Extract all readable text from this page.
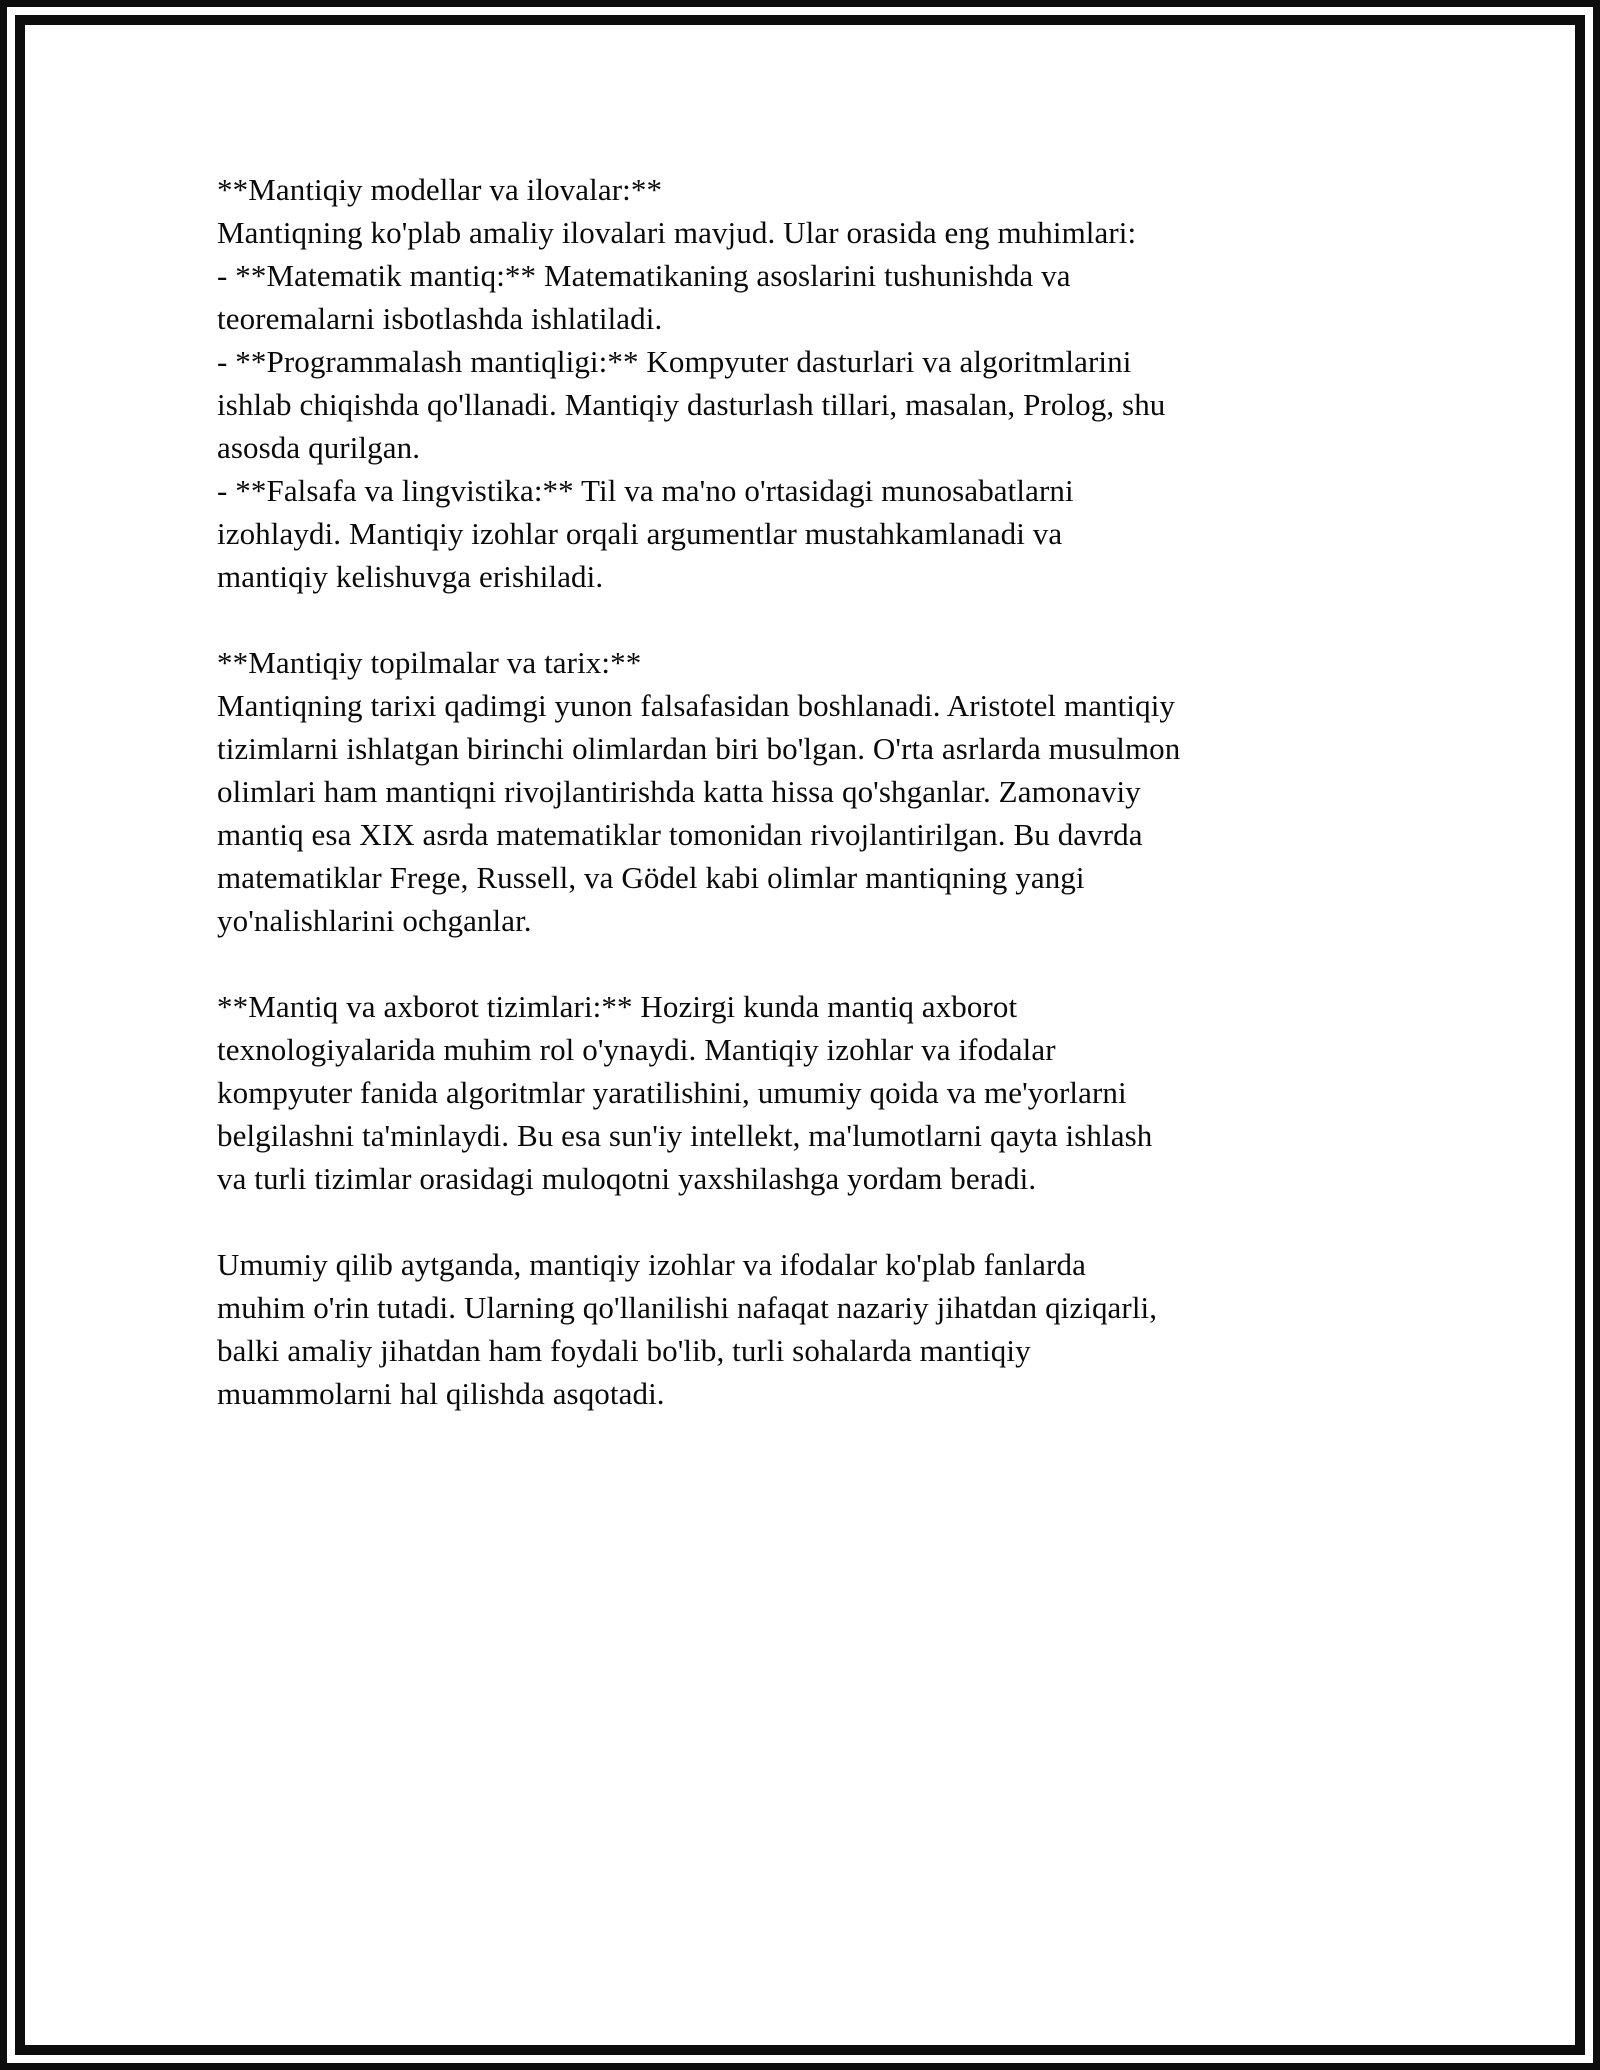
**Mantiqiy modellar va ilovalar:**
Mantiqning ko'plab amaliy ilovalari mavjud. Ular orasida eng muhimlari:
- **Matematik mantiq:** Matematikaning asoslarini tushunishda va
teoremalarni isbotlashda ishlatiladi.
- **Programmalash mantiqligi:** Kompyuter dasturlari va algoritmlarini
ishlab chiqishda qo'llanadi. Mantiqiy dasturlash tillari, masalan, Prolog, shu
asosda qurilgan.
- **Falsafa va lingvistika:** Til va ma'no o'rtasidagi munosabatlarni
izohlaydi. Mantiqiy izohlar orqali argumentlar mustahkamlanadi va
mantiqiy kelishuvga erishiladi.
**Mantiqiy topilmalar va tarix:**
Mantiqning tarixi qadimgi yunon falsafasidan boshlanadi. Aristotel mantiqiy
tizimlarni ishlatgan birinchi olimlardan biri bo'lgan. O'rta asrlarda musulmon
olimlari ham mantiqni rivojlantirishda katta hissa qo'shganlar. Zamonaviy
mantiq esa XIX asrda matematiklar tomonidan rivojlantirilgan. Bu davrda
matematiklar Frege, Russell, va Gödel kabi olimlar mantiqning yangi
yo'nalishlarini ochganlar.
**Mantiq va axborot tizimlari:** Hozirgi kunda mantiq axborot
texnologiyalarida muhim rol o'ynaydi. Mantiqiy izohlar va ifodalar
kompyuter fanida algoritmlar yaratilishini, umumiy qoida va me'yorlarni
belgilashni ta'minlaydi. Bu esa sun'iy intellekt, ma'lumotlarni qayta ishlash
va turli tizimlar orasidagi muloqotni yaxshilashga yordam beradi.
Umumiy qilib aytganda, mantiqiy izohlar va ifodalar ko'plab fanlarda
muhim o'rin tutadi. Ularning qo'llanilishi nafaqat nazariy jihatdan qiziqarli,
balki amaliy jihatdan ham foydali bo'lib, turli sohalarda mantiqiy
muammolarni hal qilishda asqotadi.
